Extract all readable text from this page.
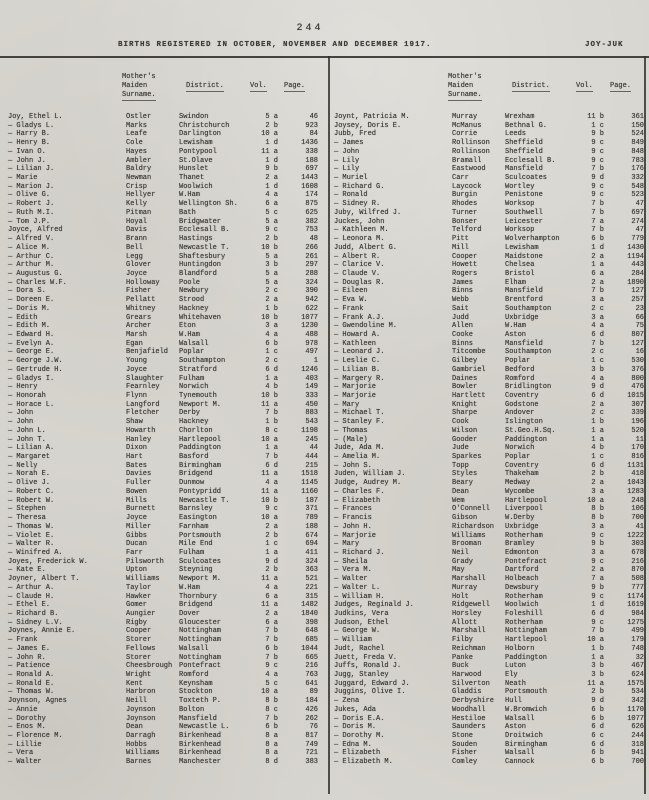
244
BIRTHS REGISTERED IN OCTOBER, NOVEMBER AND DECEMBER 1917.	JOY-JUK
Mother's
Maiden
Surname.
District.	Vol. Page.
Joy, Ethel L.	Ostler	Swindon	5 a	46
— Gladys L.	Marks	Christchurch	2 b	923
— Harry B.	Leafe	Darlington	10 a	84
— Henry B.	Cole	Lewisham	1 d	1436
— Ivan O.	Hayes	Pontypool	11 a	338
— John J.	Ambler	St.Olave	1 d	188
— Lilian J.	Baldry	Hunslet	9 b	697
— Marie	Newman	Thanet	2 a	1443
— Marion J.	Crisp	Woolwich	1 d	1608
— Olive G.	Hellyer	W.Ham	4 a	174
— Robert J.	Kelly	Wellington Sh.	6 a	875
— Ruth M.I.	Pitman	Bath	5 c	625
— Tom J.P.	Hoyal	Bridgwater	5 a	382
Joyce, Alfred	Davis	Ecclesall B.	9 c	753
— Alfred V.	Brann	Hastings	2 b	48
— Alice M.	Bell	Newcastle T.	10 b	266
— Arthur C.	Legg	Shaftesbury	5 a	261
— Arthur M.	Glover	Huntingdon	3 b	297
— Augustus G.	Joyce	Blandford	5 a	288
— Charles W.F.	Holloway	Poole	5 a	324
— Dora S.	Fisher	Newbury	2 c	390
— Doreen E.	Pellatt	Strood	2 a	942
— Doris M.	Whitney	Hackney	1 b	622
— Edith	Grears	Whitehaven	10 b	1077
— Edith M.	Archer	Eton	3 a	1230
— Edward H.	Marsh	W.Ham	4 a	488
— Evelyn A.	Egan	Walsall	6 b	978
— George E.	Benjafield	Poplar	1 c	497
— George J.W.	Young	Southampton	2 c	1
— Gertrude H.	Joyce	Stratford	6 d	1246
— Gladys I.	Slaughter	Fulham	1 a	403
— Henry	Fearnley	Norwich	4 b	149
— Honorah	Flynn	Tynemouth	10 b	333
— Horace L.	Langford	Newport M.	11 a	450
— John	Fletcher	Derby	7 b	883
— John	Shaw	Hackney	1 b	543
— John L.	Howarth	Chorlton	8 c	1198
— John T.	Hanley	Hartlepool	10 a	245
— Lilian A.	Dixon	Paddington	1 a	44
— Margaret	Hart	Basford	7 b	444
— Nelly	Bates	Birmingham	6 d	215
— Norah E.	Davies	Bridgend	11 a	1518
— Olive J.	Fuller	Dunmow	4 a	1145
— Robert C.	Bowen	Pontypridd	11 a	1160
— Robert W.	Mills	Newcastle T.	10 b	187
— Stephen	Burnett	Barnsley	9 c	371
— Theresa	Joyce	Easington	10 a	789
— Thomas W.	Miller	Farnham	2 a	188
— Violet E.	Gibbs	Portsmouth	2 b	674
— Walter R.	Ducan	Mile End	1 c	694
— Winifred A.	Farr	Fulham	1 a	411
Joyes, Frederick W.	Pilsworth	Sculcoates	9 d	324
— Kate E.	Upton	Steyning	2 b	363
Joyner, Albert T.	Williams	Newport M.	11 a	521
— Arthur A.	Taylor	W.Ham	4 a	221
— Claude H.	Hawker	Thornbury	6 a	315
— Ethel E.	Gomer	Bridgend	11 a	1482
— Richard B.	Aungier	Dover	2 a	1840
— Sidney L.V.	Rigby	Gloucester	6 a	398
Joynes, Annie E.	Cooper	Nottingham	7 b	648
— Frank	Storer	Nottingham	7 b	685
— James E.	Fellows	Walsall	6 b	1044
— John R.	Storer	Nottingham	7 b	665
— Patience	Cheesbrough Pontefract	9 c	216
— Ronald A.	Wright	Romford	4 a	763
— Ronald E.	Kent	Keynsham	5 c	641
— Thomas W.	Harbron	Stockton	10 a	89
Joynson, Agnes	Neill	Toxteth P.	8 b	184
— Annie	Joynson	Bolton	8 c	426
— Dorothy	Joynson	Mansfield	7 b	262
— Enos M.	Dean	Newcastle L.	6 b	76
— Florence M.	Darragh	Birkenhead	8 a	817
— Lillie	Hobbs	Birkenhead	8 a	749
— Vera	Williams	Birkenhead	8 a	721
— Walter	Barnes	Manchester	8 d	383
Mother's
Maiden
Surname.
District.	Vol. Page.
Joynt, Patricia M.	Murray	Wrexham	11 b	361
Joysey, Doris E.	McManus	Bethnal G.	1 c	150
Jubb, Fred	Corrie	Leeds	9 b	524
— James	Rollinson	Sheffield	9 c	849
— John	Rollinson	Sheffield	9 c	848
— Lily	Bramall	Ecclesall B.	9 c	783
— Lily	Eastwood	Mansfield	7 b	176
— Muriel	Carr	Sculcoates	9 d	332
— Richard G.	Laycock	Wortley	9 c	548
— Ronald	Burgin	Penistone	9 c	523
— Sidney R.	Rhodes	Worksop	7 b	47
Juby, Wilfred J.	Turner	Southwell	7 b	697
Juckes, John	Bonser	Leicester	7 a	274
— Kathleen M.	Telford	Worksop	7 b	47
— Leonora M.	Pitt	Wolverhampton	6 b	779
Judd, Albert G.	Mill	Lewisham	1 d	1430
— Albert R.	Cooper	Maidstone	2 a	1194
— Clarice V.	Howett	Chelsea	1 a	443
— Claude V.	Rogers	Bristol	6 a	284
— Douglas R.	James	Elham	2 a	1890
— Eileen	Binns	Mansfield	7 b	127
— Eva W.	Webb	Brentford	3 a	257
— Frank	Sait	Southampton	2 c	23
— Frank A.J.	Judd	Uxbridge	3 a	66
— Gwendoline M.	Allen	W.Ham	4 a	75
— Howard A.	Cooke	Aston	6 d	807
— Kathleen	Binns	Mansfield	7 b	127
— Leonard J.	Titcombe	Southampton	2 c	16
— Leslie C.	Gilbey	Poplar	1 c	530
— Lilian B.	Gambriel	Bedford	3 b	376
— Margery R.	Daines	Romford	4 a	800
— Marjorie	Bowler	Bridlington	9 d	476
— Marjorie	Hartlett	Coventry	6 d	1015
— Mary	Knight	Godstone	2 a	307
— Michael T.	Sharpe	Andover	2 c	339
— Stanley F.	Cook	Islington	1 b	196
— Thomas	Wilson	St.Geo.H.Sq.	1 a	520
— (Male)	Gooder	Paddington	1 a	11
Jude, Ada M.	Jude	Norwich	4 b	170
— Amelia M.	Sparkes	Poplar	1 c	816
— John S.	Topp	Coventry	6 d	1131
Juden, William J.	Styles	Thakeham	2 b	418
Judge, Audrey M.	Beary	Medway	2 a	1043
— Charles F.	Dean	Wycombe	3 a	1283
— Elizabeth	Wem	Hartlepool	10 a	248
— Frances	O'Connell	Liverpool	8 b	106
— Francis	Gibson	W.Derby	8 b	700
— John H.	Richardson	Uxbridge	3 a	41
— Marjorie	Williams	Rotherham	9 c	1222
— Mary	Brooman	Bramley	9 b	303
— Richard J.	Neil	Edmonton	3 a	678
— Sheila	Grady	Pontefract	9 c	216
— Vera M.	May	Dartford	2 a	870
— Walter	Marshall	Holbeach	7 a	508
— Walter L.	Murray	Dewsbury	9 b	777
— William H.	Holt	Rotherham	9 c	1174
Judges, Reginald J.	Ridgewell	Woolwich	1 d	1619
Judkins, Vera	Horsley	Foleshill	6 d	984
Judson, Ethel	Allott	Rotherham	9 c	1275
— George W.	Marshall	Nottingham	7 b	499
— William	Filby	Hartlepool	10 a	179
Judt, Rachel	Reichman	Holborn	1 b	748
Juett, Freda V.	Panke	Paddington	1 a	32
Juffs, Ronald J.	Buck	Luton	3 b	467
Jugg, Stanley	Harwood	Ely	3 b	624
Juggard, Edward J.	Silverton	Neath	11 a	1575
Juggins, Olive I.	Gladdis	Portsmouth	2 b	534
— Zena	Derbyshire	Hull	9 d	342
Jukes, Ada	Woodhall	W.Bromwich	6 b	1170
— Doris E.A.	Hestiloe	Walsall	6 b	1077
— Doris M.	Saunders	Aston	6 d	626
— Dorothy M.	Stone	Droitwich	6 c	244
— Edna M.	Souden	Birmingham	6 d	318
— Elizabeth	Fisher	Walsall	6 b	941
— Elizabeth M.	Comley	Cannock	6 b	700
